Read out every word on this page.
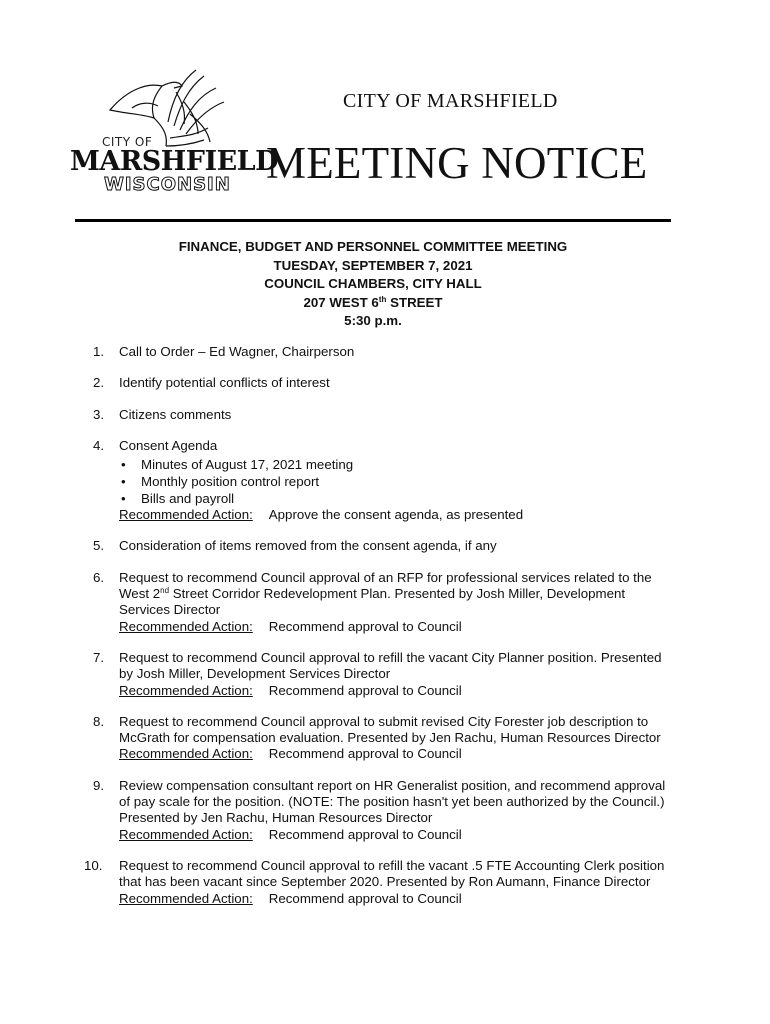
CITY OF
MARSHFIELD
WISCONSIN
CITY OF MARSHFIELD
MEETING NOTICE
FINANCE, BUDGET AND PERSONNEL COMMITTEE MEETING
TUESDAY, SEPTEMBER 7, 2021
COUNCIL CHAMBERS, CITY HALL
207 WEST 6th STREET
5:30 p.m.
1. Call to Order – Ed Wagner, Chairperson

2. Identify potential conflicts of interest

3. Citizens comments

4. Consent Agenda

• Minutes of August 17, 2021 meeting
• Monthly position control report
• Bills and payroll

Recommended Action: Approve the consent agenda, as presented

5. Consideration of items removed from the consent agenda, if any

6. Request to recommend Council approval of an RFP for professional services related to the

West 2nd Street Corridor Redevelopment Plan. Presented by Josh Miller, Development

Services Director

Recommended Action: Recommend approval to Council

7. Request to recommend Council approval to refill the vacant City Planner position. Presented

by Josh Miller, Development Services Director

Recommended Action: Recommend approval to Council

8. Request to recommend Council approval to submit revised City Forester job description to

McGrath for compensation evaluation. Presented by Jen Rachu, Human Resources Director

Recommended Action: Recommend approval to Council

9. Review compensation consultant report on HR Generalist position, and recommend approval

of pay scale for the position. (NOTE: The position hasn't yet been authorized by the Council.)

Presented by Jen Rachu, Human Resources Director

Recommended Action: Recommend approval to Council

10. Request to recommend Council approval to refill the vacant .5 FTE Accounting Clerk position

that has been vacant since September 2020. Presented by Ron Aumann, Finance Director

Recommended Action: Recommend approval to Council
